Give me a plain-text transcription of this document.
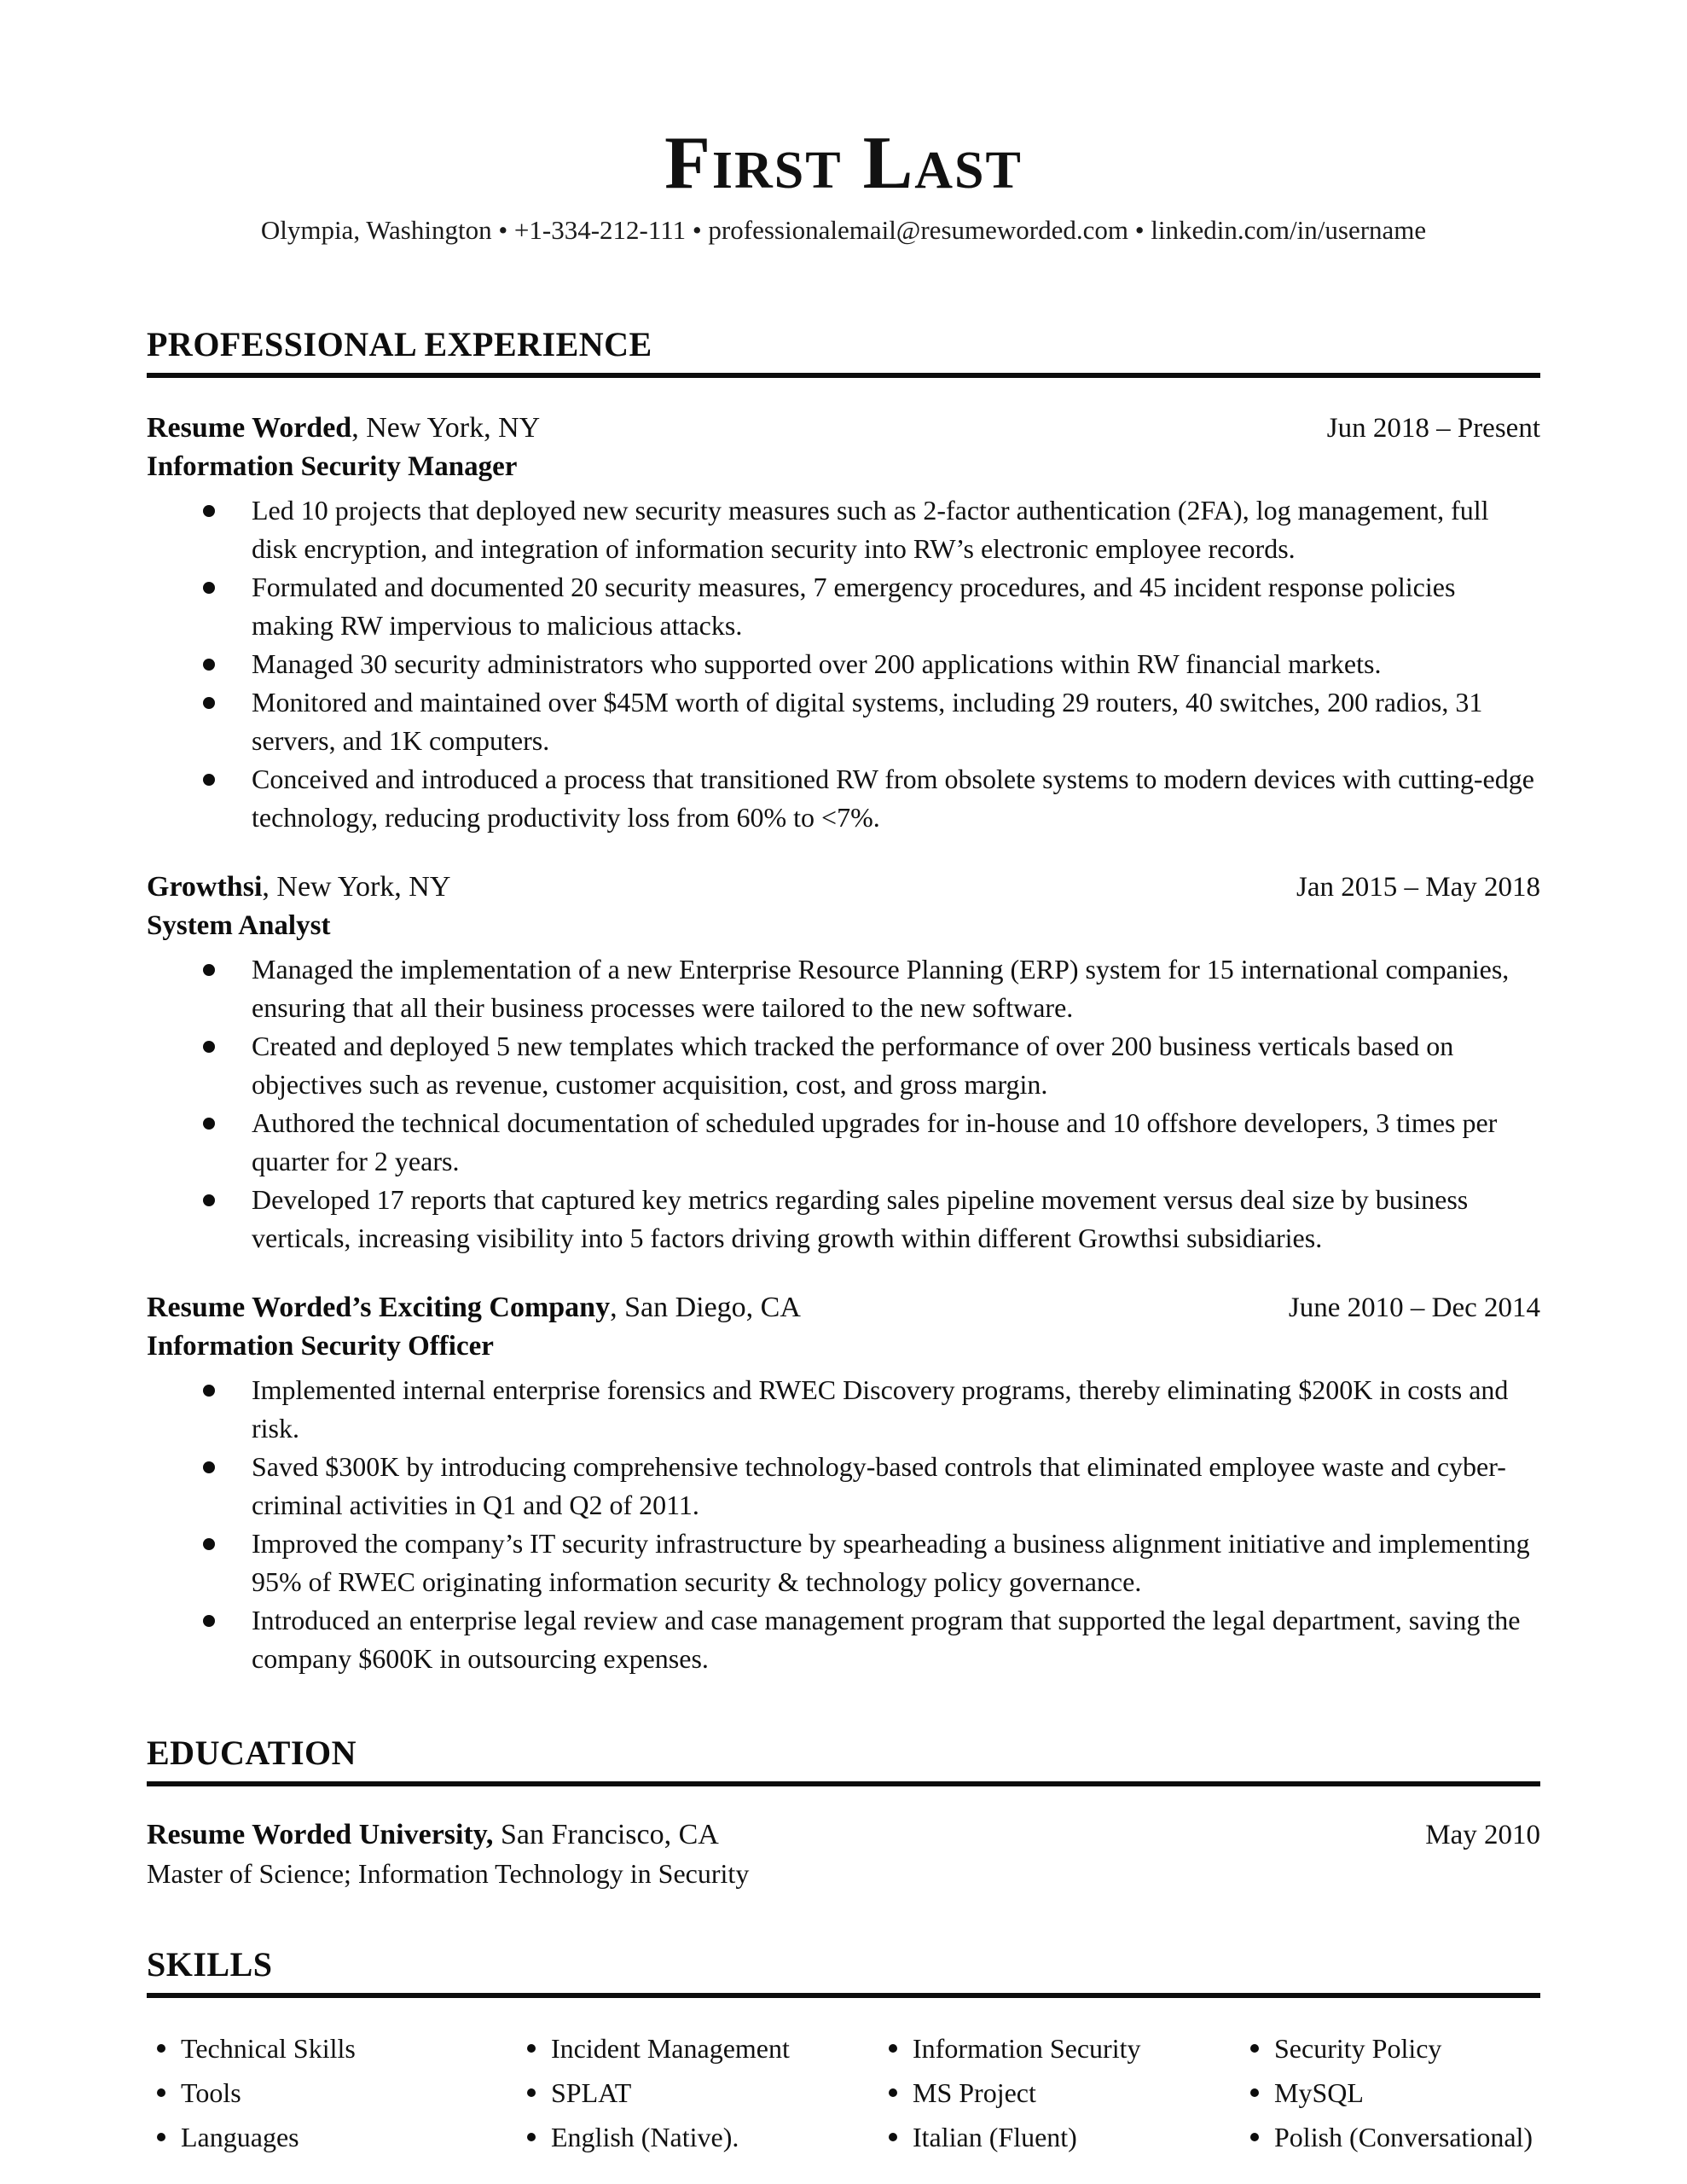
First Last
Olympia, Washington • +1-334-212-111 • professionalemail@resumeworded.com • linkedin.com/in/username
PROFESSIONAL EXPERIENCE
Resume Worded, New York, NY	Jun 2018 – Present
Information Security Manager
Led 10 projects that deployed new security measures such as 2-factor authentication (2FA), log management, full disk encryption, and integration of information security into RW’s electronic employee records.
Formulated and documented 20 security measures, 7 emergency procedures, and 45 incident response policies making RW impervious to malicious attacks.
Managed 30 security administrators who supported over 200 applications within RW financial markets.
Monitored and maintained over $45M worth of digital systems, including 29 routers, 40 switches, 200 radios, 31 servers, and 1K computers.
Conceived and introduced a process that transitioned RW from obsolete systems to modern devices with cutting-edge technology, reducing productivity loss from 60% to <7%.
Growthsi, New York, NY	Jan 2015 – May 2018
System Analyst
Managed the implementation of a new Enterprise Resource Planning (ERP) system for 15 international companies, ensuring that all their business processes were tailored to the new software.
Created and deployed 5 new templates which tracked the performance of over 200 business verticals based on objectives such as revenue, customer acquisition, cost, and gross margin.
Authored the technical documentation of scheduled upgrades for in-house and 10 offshore developers, 3 times per quarter for 2 years.
Developed 17 reports that captured key metrics regarding sales pipeline movement versus deal size by business verticals, increasing visibility into 5 factors driving growth within different Growthsi subsidiaries.
Resume Worded’s Exciting Company, San Diego, CA	June 2010 – Dec 2014
Information Security Officer
Implemented internal enterprise forensics and RWEC Discovery programs, thereby eliminating $200K in costs and risk.
Saved $300K by introducing comprehensive technology-based controls that eliminated employee waste and cyber-criminal activities in Q1 and Q2 of 2011.
Improved the company’s IT security infrastructure by spearheading a business alignment initiative and implementing 95% of RWEC originating information security & technology policy governance.
Introduced an enterprise legal review and case management program that supported the legal department, saving the company $600K in outsourcing expenses.
EDUCATION
Resume Worded University, San Francisco, CA	May 2010
Master of Science; Information Technology in Security
SKILLS
Technical Skills	Incident Management	Information Security	Security Policy
Tools	SPLAT	MS Project	MySQL
Languages	English (Native).	Italian (Fluent)	Polish (Conversational)
